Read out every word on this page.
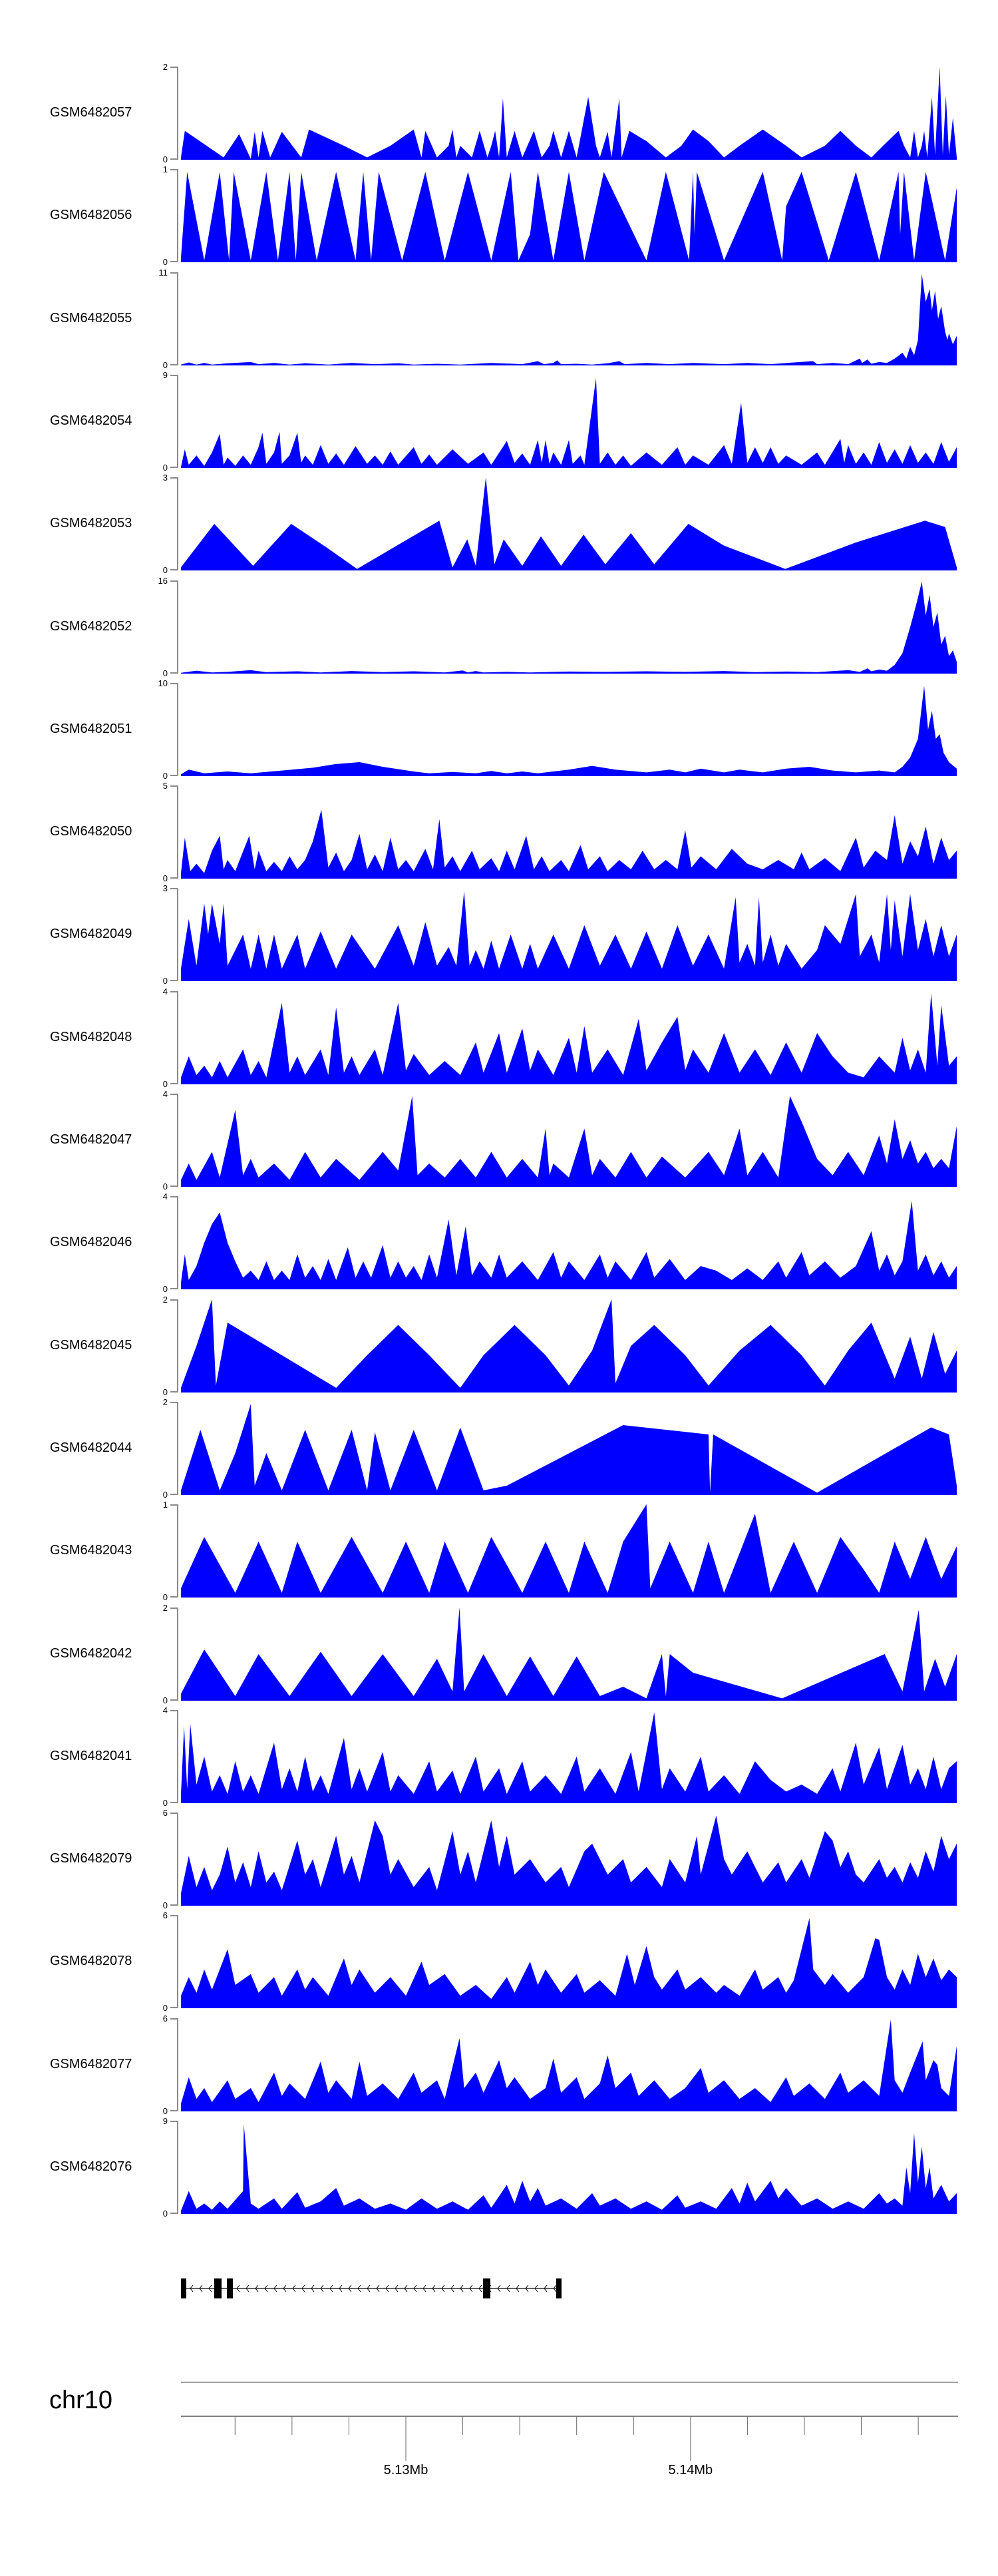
GSM6482057
2
0
GSM6482056
1
0
GSM6482055
11
0
GSM6482054
9
0
GSM6482053
3
0
GSM6482052
16
0
GSM6482051
10
0
GSM6482050
5
0
GSM6482049
3
0
GSM6482048
4
0
GSM6482047
4
0
GSM6482046
4
0
GSM6482045
2
0
GSM6482044
2
0
GSM6482043
1
0
GSM6482042
2
0
GSM6482041
4
0
GSM6482079
6
0
GSM6482078
6
0
GSM6482077
6
0
GSM6482076
9
0
chr10
5.13Mb	5.14Mb
